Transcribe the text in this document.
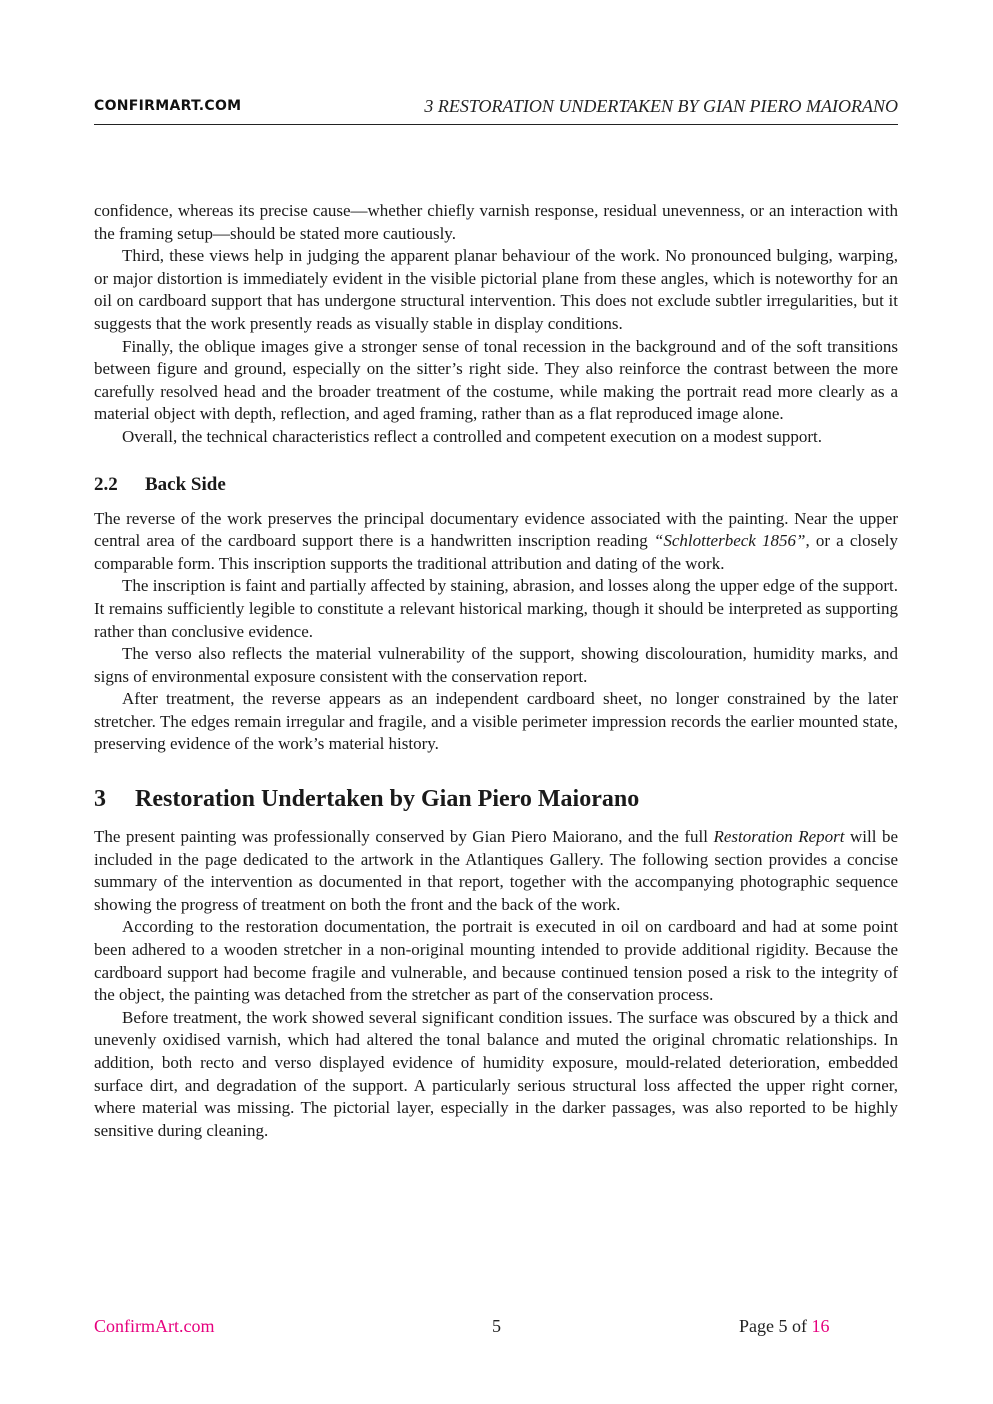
CONFIRMART.COM	3 RESTORATION UNDERTAKEN BY GIAN PIERO MAIORANO

confidence, whereas its precise cause—whether chiefly varnish response, residual unevenness, or an interaction with the framing setup—should be stated more cautiously.

Third, these views help in judging the apparent planar behaviour of the work. No pronounced bulging, warping, or major distortion is immediately evident in the visible pictorial plane from these angles, which is noteworthy for an oil on cardboard support that has undergone structural intervention. This does not exclude subtler irregularities, but it suggests that the work presently reads as visually stable in display conditions.

Finally, the oblique images give a stronger sense of tonal recession in the background and of the soft transitions between figure and ground, especially on the sitter’s right side. They also reinforce the contrast between the more carefully resolved head and the broader treatment of the costume, while making the portrait read more clearly as a material object with depth, reflection, and aged framing, rather than as a flat reproduced image alone.

Overall, the technical characteristics reflect a controlled and competent execution on a modest support.

2.2 Back Side

The reverse of the work preserves the principal documentary evidence associated with the painting. Near the upper central area of the cardboard support there is a handwritten inscription reading “Schlotterbeck 1856”, or a closely comparable form. This inscription supports the traditional attribution and dating of the work.

The inscription is faint and partially affected by staining, abrasion, and losses along the upper edge of the support. It remains sufficiently legible to constitute a relevant historical marking, though it should be interpreted as supporting rather than conclusive evidence.

The verso also reflects the material vulnerability of the support, showing discolouration, humidity marks, and signs of environmental exposure consistent with the conservation report.

After treatment, the reverse appears as an independent cardboard sheet, no longer constrained by the later stretcher. The edges remain irregular and fragile, and a visible perimeter impression records the earlier mounted state, preserving evidence of the work’s material history.

3 Restoration Undertaken by Gian Piero Maiorano

The present painting was professionally conserved by Gian Piero Maiorano, and the full Restoration Report will be included in the page dedicated to the artwork in the Atlantiques Gallery. The following section provides a concise summary of the intervention as documented in that report, together with the accompanying photographic sequence showing the progress of treatment on both the front and the back of the work.

According to the restoration documentation, the portrait is executed in oil on cardboard and had at some point been adhered to a wooden stretcher in a non-original mounting intended to provide additional rigidity. Because the cardboard support had become fragile and vulnerable, and because continued tension posed a risk to the integrity of the object, the painting was detached from the stretcher as part of the conservation process.

Before treatment, the work showed several significant condition issues. The surface was obscured by a thick and unevenly oxidised varnish, which had altered the tonal balance and muted the original chromatic relationships. In addition, both recto and verso displayed evidence of humidity exposure, mould-related deterioration, embedded surface dirt, and degradation of the support. A particularly serious structural loss affected the upper right corner, where material was missing. The pictorial layer, especially in the darker passages, was also reported to be highly sensitive during cleaning.

ConfirmArt.com	5	Page 5 of 16
